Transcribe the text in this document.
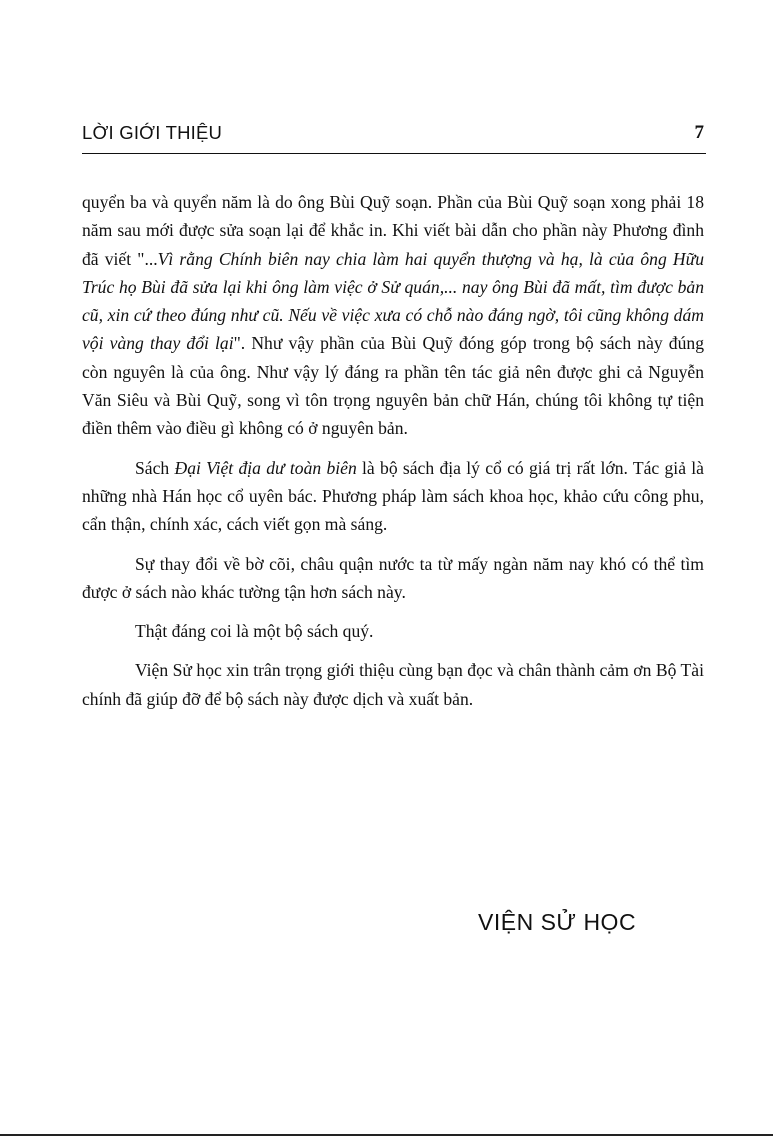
LỜI GIỚI THIỆU	7

quyển ba và quyển năm là do ông Bùi Quỹ soạn. Phần của Bùi Quỹ soạn xong phải 18 năm sau mới được sửa soạn lại để khắc in. Khi viết bài dẫn cho phần này Phương đình đã viết "...Vì rằng Chính biên nay chia làm hai quyển thượng và hạ, là của ông Hữu Trúc họ Bùi đã sửa lại khi ông làm việc ở Sử quán,... nay ông Bùi đã mất, tìm được bản cũ, xin cứ theo đúng như cũ. Nếu về việc xưa có chỗ nào đáng ngờ, tôi cũng không dám vội vàng thay đổi lại". Như vậy phần của Bùi Quỹ đóng góp trong bộ sách này đúng còn nguyên là của ông. Như vậy lý đáng ra phần tên tác giả nên được ghi cả Nguyễn Văn Siêu và Bùi Quỹ, song vì tôn trọng nguyên bản chữ Hán, chúng tôi không tự tiện điền thêm vào điều gì không có ở nguyên bản.

Sách Đại Việt địa dư toàn biên là bộ sách địa lý cổ có giá trị rất lớn. Tác giả là những nhà Hán học cổ uyên bác. Phương pháp làm sách khoa học, khảo cứu công phu, cẩn thận, chính xác, cách viết gọn mà sáng.

Sự thay đổi về bờ cõi, châu quận nước ta từ mấy ngàn năm nay khó có thể tìm được ở sách nào khác tường tận hơn sách này.

Thật đáng coi là một bộ sách quý.

Viện Sử học xin trân trọng giới thiệu cùng bạn đọc và chân thành cảm ơn Bộ Tài chính đã giúp đỡ để bộ sách này được dịch và xuất bản.

VIỆN SỬ HỌC
